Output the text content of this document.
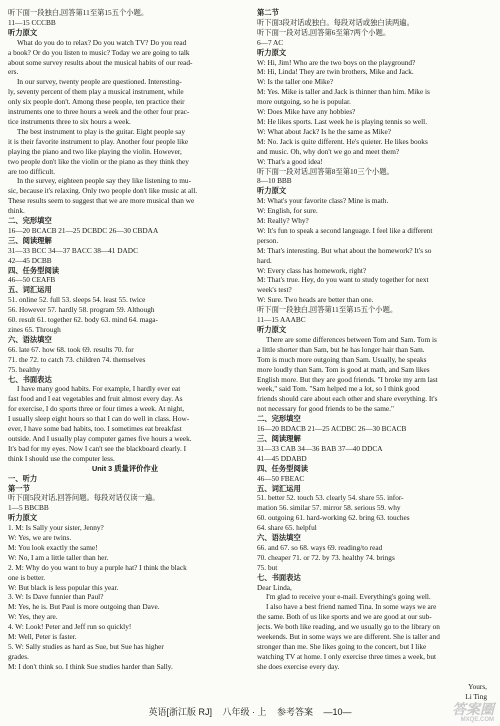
听下面一段独白,回答第11至第15五个小题。
11—15 CCCBB
听力原文
What do you do to relax? Do you watch TV? Do you read
a book? Or do you listen to music? Today we are going to talk
about some survey results about the musical habits of our read-
ers.
In our survey, twenty people are questioned. Interesting-
ly, seventy percent of them play a musical instrument, while
only six people don't. Among these people, ten practice their
instruments one to three hours a week and the other four prac-
tice instruments three to six hours a week.
The best instrument to play is the guitar. Eight people say
it is their favorite instrument to play. Another four people like
playing the piano and two like playing the violin. However,
two people don't like the violin or the piano as they think they
are too difficult.
In the survey, eighteen people say they like listening to mu-
sic, because it's relaxing. Only two people don't like music at all.
These results seem to suggest that we are more musical than we
think.
二、完形填空
16—20 BCACB 21—25 DCBDC 26—30 CBDAA
三、阅读理解
31—33 BCC 34—37 BACC 38—41 DADC
42—45 DCBB
四、任务型阅读
46—50 CEAFB
五、词汇运用
51. online 52. full 53. sleeps 54. least 55. twice
56. However 57. hardly 58. program 59. Although
60. result 61. together 62. body 63. mind 64. maga-
zines 65. Through
六、语法填空
66. late 67. how 68. took 69. results 70. for
71. the 72. to catch 73. children 74. themselves
75. healthy
七、书面表达
I have many good habits. For example, I hardly ever eat
fast food and I eat vegetables and fruit almost every day. As
for exercise, I do sports three or four times a week. At night,
I usually sleep eight hours so that I can do well in class. How-
ever, I have some bad habits, too. I sometimes eat breakfast
outside. And I usually play computer games five hours a week.
It's bad for my eyes. Now I can't see the blackboard clearly. I
think I should use the computer less.
Unit 3 质量评价作业
一、听力
第一节
听下面5段对话,回答问题。每段对话仅读一遍。
1—5 BBCBB
听力原文
1. M: Is Sally your sister, Jenny?
W: Yes, we are twins.
M: You look exactly the same!
W: No, I am a little taller than her.
2. M: Why do you want to buy a purple hat? I think the black
one is better.
W: But black is less popular this year.
3. W: Is Dave funnier than Paul?
M: Yes, he is. But Paul is more outgoing than Dave.
W: Yes, they are.
4. W: Look! Peter and Jeff run so quickly!
M: Well, Peter is faster.
5. W: Sally studies as hard as Sue, but Sue has higher
grades.
M: I don't think so. I think Sue studies harder than Sally.
第二节
听下面3段对话或独白。每段对话或独白读两遍。
听下面一段对话,回答第6至第7两个小题。
6—7 AC
听力原文
W: Hi, Jim! Who are the two boys on the playground?
M: Hi, Linda! They are twin brothers, Mike and Jack.
W: Is the taller one Mike?
M: Yes. Mike is taller and Jack is thinner than him. Mike is
more outgoing, so he is popular.
W: Does Mike have any hobbies?
M: He likes sports. Last week he is playing tennis so well.
W: What about Jack? Is he the same as Mike?
M: No. Jack is quite different. He's quieter. He likes books
and music. Oh, why don't we go and meet them?
W: That's a good idea!
听下面一段对话,回答第8至第10三个小题。
8—10 BBB
听力原文
M: What's your favorite class? Mine is math.
W: English, for sure.
M: Really? Why?
W: It's fun to speak a second language. I feel like a different
person.
M: That's interesting. But what about the homework? It's so
hard.
W: Every class has homework, right?
M: That's true. Hey, do you want to study together for next
week's test?
W: Sure. Two heads are better than one.
听下面一段独白,回答第11至第15五个小题。
11—15 AAABC
听力原文
There are some differences between Tom and Sam. Tom is
a little shorter than Sam, but he has longer hair than Sam.
Tom is much more outgoing than Sam. Usually, he speaks
more loudly than Sam. Tom is good at math, and Sam likes
English more. But they are good friends. "I broke my arm last
week," said Tom. "Sam helped me a lot, so I think good
friends should care about each other and share everything. It's
not necessary for good friends to be the same."
二、完形填空
16—20 BDACB 21—25 ACDBC 26—30 BCACB
三、阅读理解
31—33 CAB 34—36 BAB 37—40 DDCA
41—45 DDABD
四、任务型阅读
46—50 FBEAC
五、词汇运用
51. better 52. touch 53. clearly 54. share 55. infor-
mation 56. similar 57. mirror 58. serious 59. why
60. outgoing 61. hard-working 62. bring 63. touches
64. share 65. helpful
六、语法填空
66. and 67. so 68. ways 69. reading/to read
70. cheaper 71. or 72. by 73. healthy 74. brings
75. but
七、书面表达
Dear Linda,
I'm glad to receive your e-mail. Everything's going well.
I also have a best friend named Tina. In some ways we are
the same. Both of us like sports and we are good at our sub-
jects. We both like reading, and we usually go to the library on
weekends. But in some ways we are different. She is taller and
stronger than me. She likes going to the concert, but I like
watching TV at home. I only exercise three times a week, but
she does exercise every day.
Yours,
Li Ting
英语[浙江版 RJ] 八年级 · 上 参考答案 —10—	答案圈
MXQE.COM
